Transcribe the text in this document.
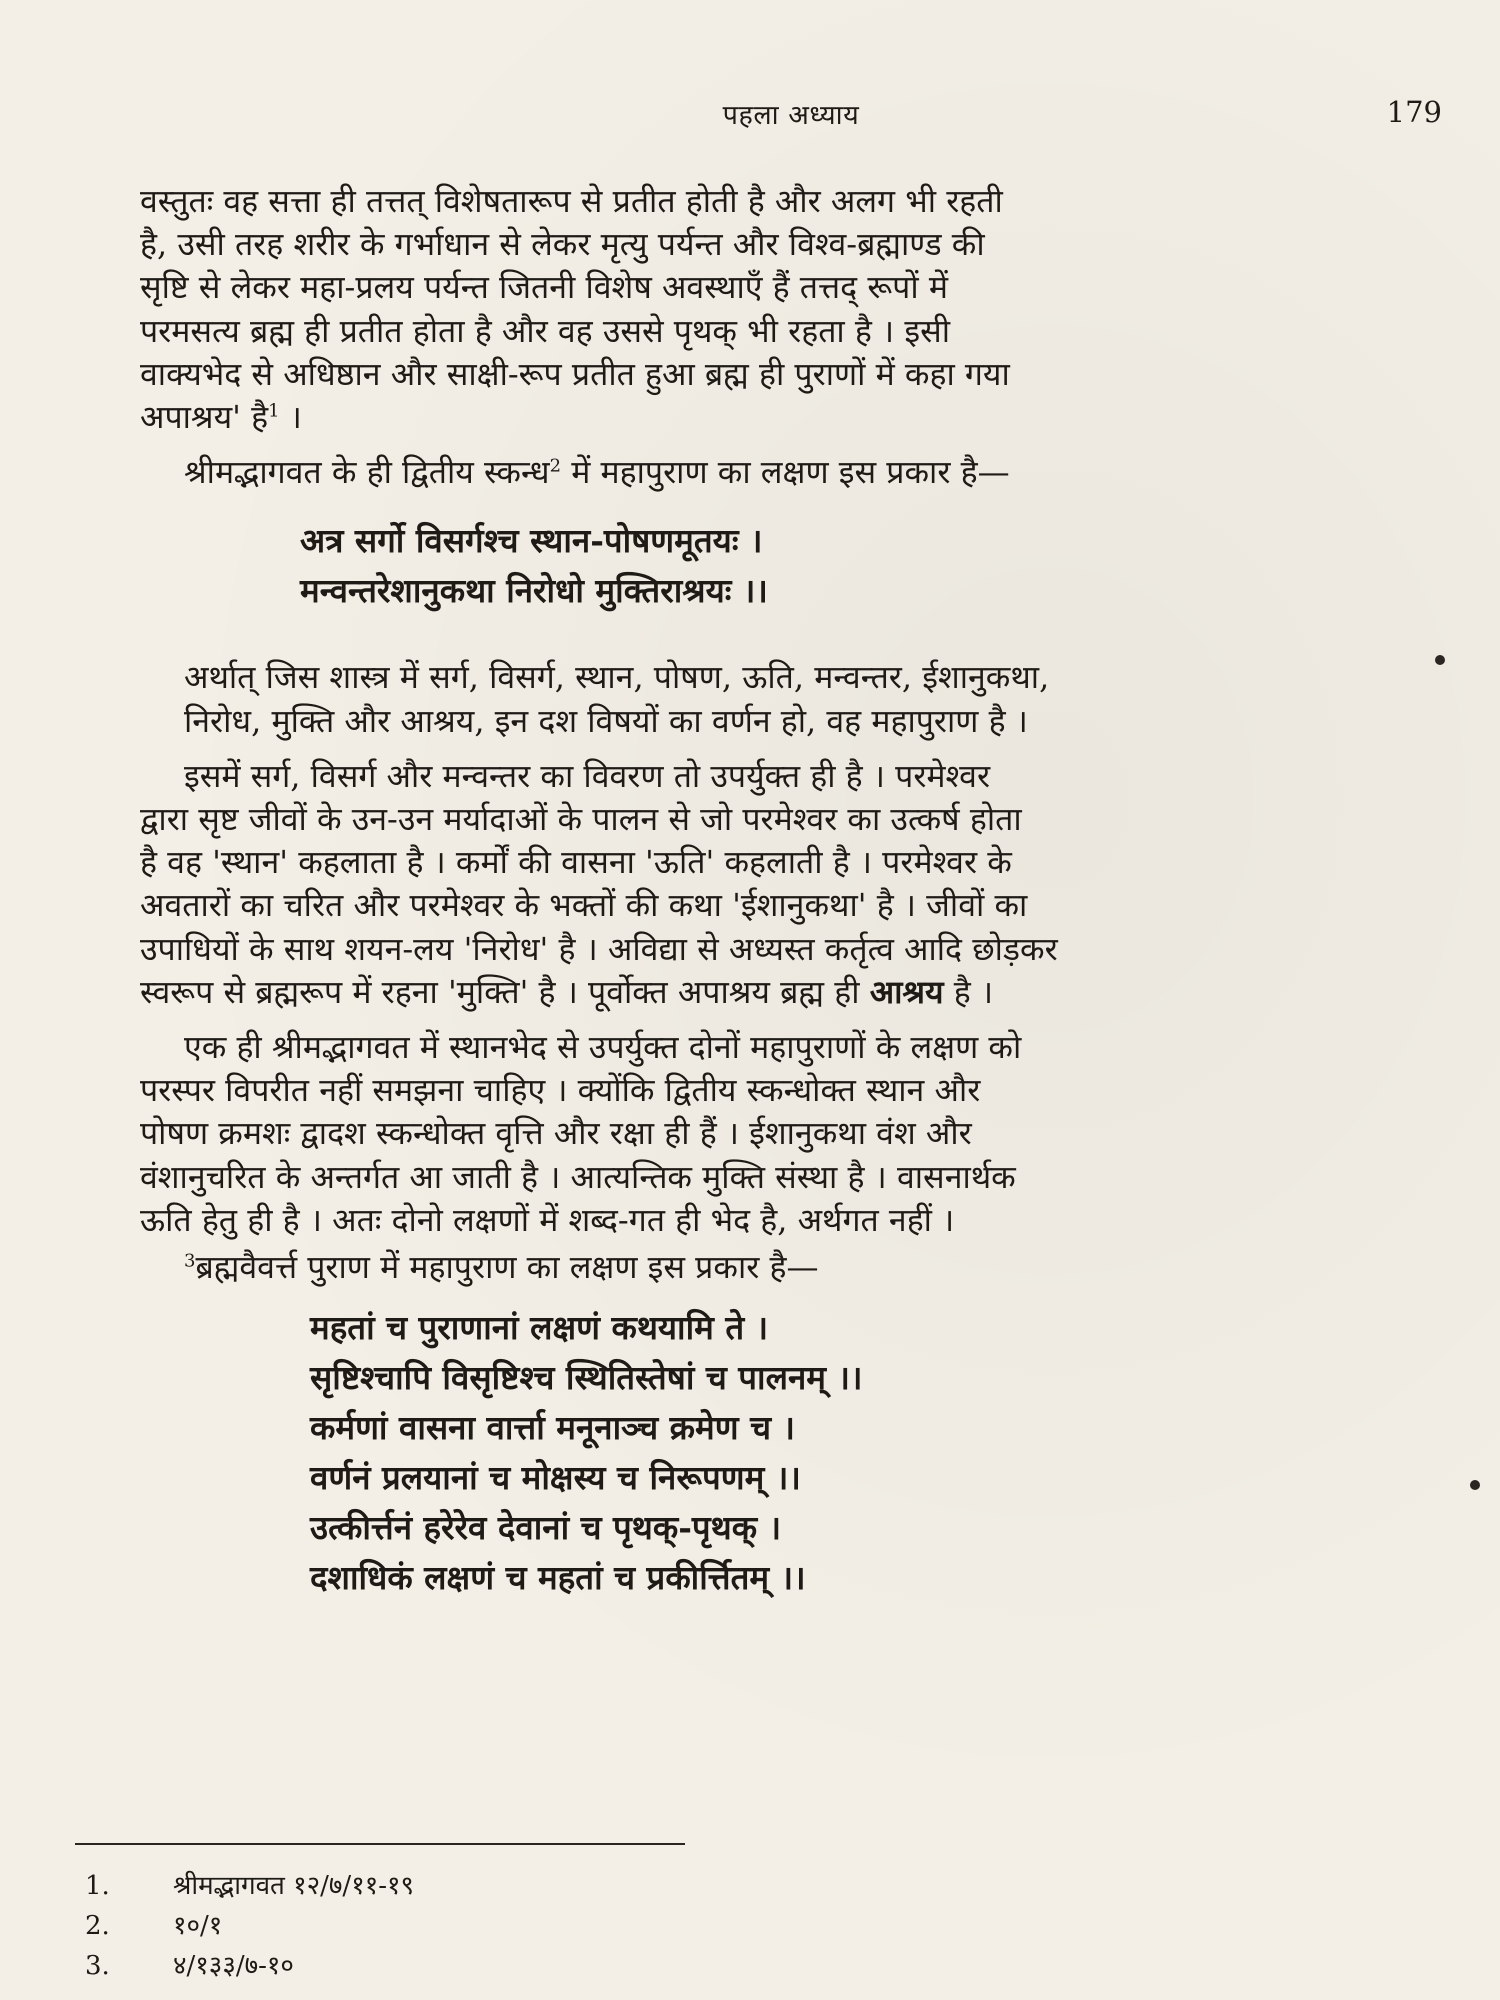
पहला अध्याय	179

वस्तुतः वह सत्ता ही तत्तत् विशेषतारूप से प्रतीत होती है और अलग भी रहती
है, उसी तरह शरीर के गर्भाधान से लेकर मृत्यु पर्यन्त और विश्व-ब्रह्माण्ड की
सृष्टि से लेकर महा-प्रलय पर्यन्त जितनी विशेष अवस्थाएँ हैं तत्तद् रूपों में
परमसत्य ब्रह्म ही प्रतीत होता है और वह उससे पृथक् भी रहता है । इसी
वाक्यभेद से अधिष्ठान और साक्षी-रूप प्रतीत हुआ ब्रह्म ही पुराणों में कहा गया
अपाश्रय' है$^1$ ।

श्रीमद्भागवत के ही द्वितीय स्कन्ध$^2$ में महापुराण का लक्षण इस प्रकार है—

अत्र सर्गो विसर्गश्च स्थान-पोषणमूतयः ।
मन्वन्तरेशानुकथा निरोधो मुक्तिराश्रयः ।।

अर्थात् जिस शास्त्र में सर्ग, विसर्ग, स्थान, पोषण, ऊति, मन्वन्तर, ईशानुकथा,
निरोध, मुक्ति और आश्रय, इन दश विषयों का वर्णन हो, वह महापुराण है ।

इसमें सर्ग, विसर्ग और मन्वन्तर का विवरण तो उपर्युक्त ही है । परमेश्वर
द्वारा सृष्ट जीवों के उन-उन मर्यादाओं के पालन से जो परमेश्वर का उत्कर्ष होता
है वह 'स्थान' कहलाता है । कर्मों की वासना 'ऊति' कहलाती है । परमेश्वर के
अवतारों का चरित और परमेश्वर के भक्तों की कथा 'ईशानुकथा' है । जीवों का
उपाधियों के साथ शयन-लय 'निरोध' है । अविद्या से अध्यस्त कर्तृत्व आदि छोड़कर
स्वरूप से ब्रह्मरूप में रहना 'मुक्ति' है । पूर्वोक्त अपाश्रय ब्रह्म ही आश्रय है ।

एक ही श्रीमद्भागवत में स्थानभेद से उपर्युक्त दोनों महापुराणों के लक्षण को
परस्पर विपरीत नहीं समझना चाहिए । क्योंकि द्वितीय स्कन्धोक्त स्थान और
पोषण क्रमशः द्वादश स्कन्धोक्त वृत्ति और रक्षा ही हैं । ईशानुकथा वंश और
वंशानुचरित के अन्तर्गत आ जाती है । आत्यन्तिक मुक्ति संस्था है । वासनार्थक
ऊति हेतु ही है । अतः दोनो लक्षणों में शब्द-गत ही भेद है, अर्थगत नहीं ।

$^3$ब्रह्मवैवर्त्त पुराण में महापुराण का लक्षण इस प्रकार है—

महतां च पुराणानां लक्षणं कथयामि ते ।
सृष्टिश्चापि विसृष्टिश्च स्थितिस्तेषां च पालनम् ।।
कर्मणां वासना वार्त्ता मनूनाञ्च क्रमेण च ।
वर्णनं प्रलयानां च मोक्षस्य च निरूपणम् ।।
उत्कीर्त्तनं हरेरेव देवानां च पृथक्-पृथक् ।
दशाधिकं लक्षणं च महतां च प्रकीर्त्तितम् ।।
1. श्रीमद्भागवत १२/७/११-१९
2. १०/१
3. ४/१३३/७-१०
